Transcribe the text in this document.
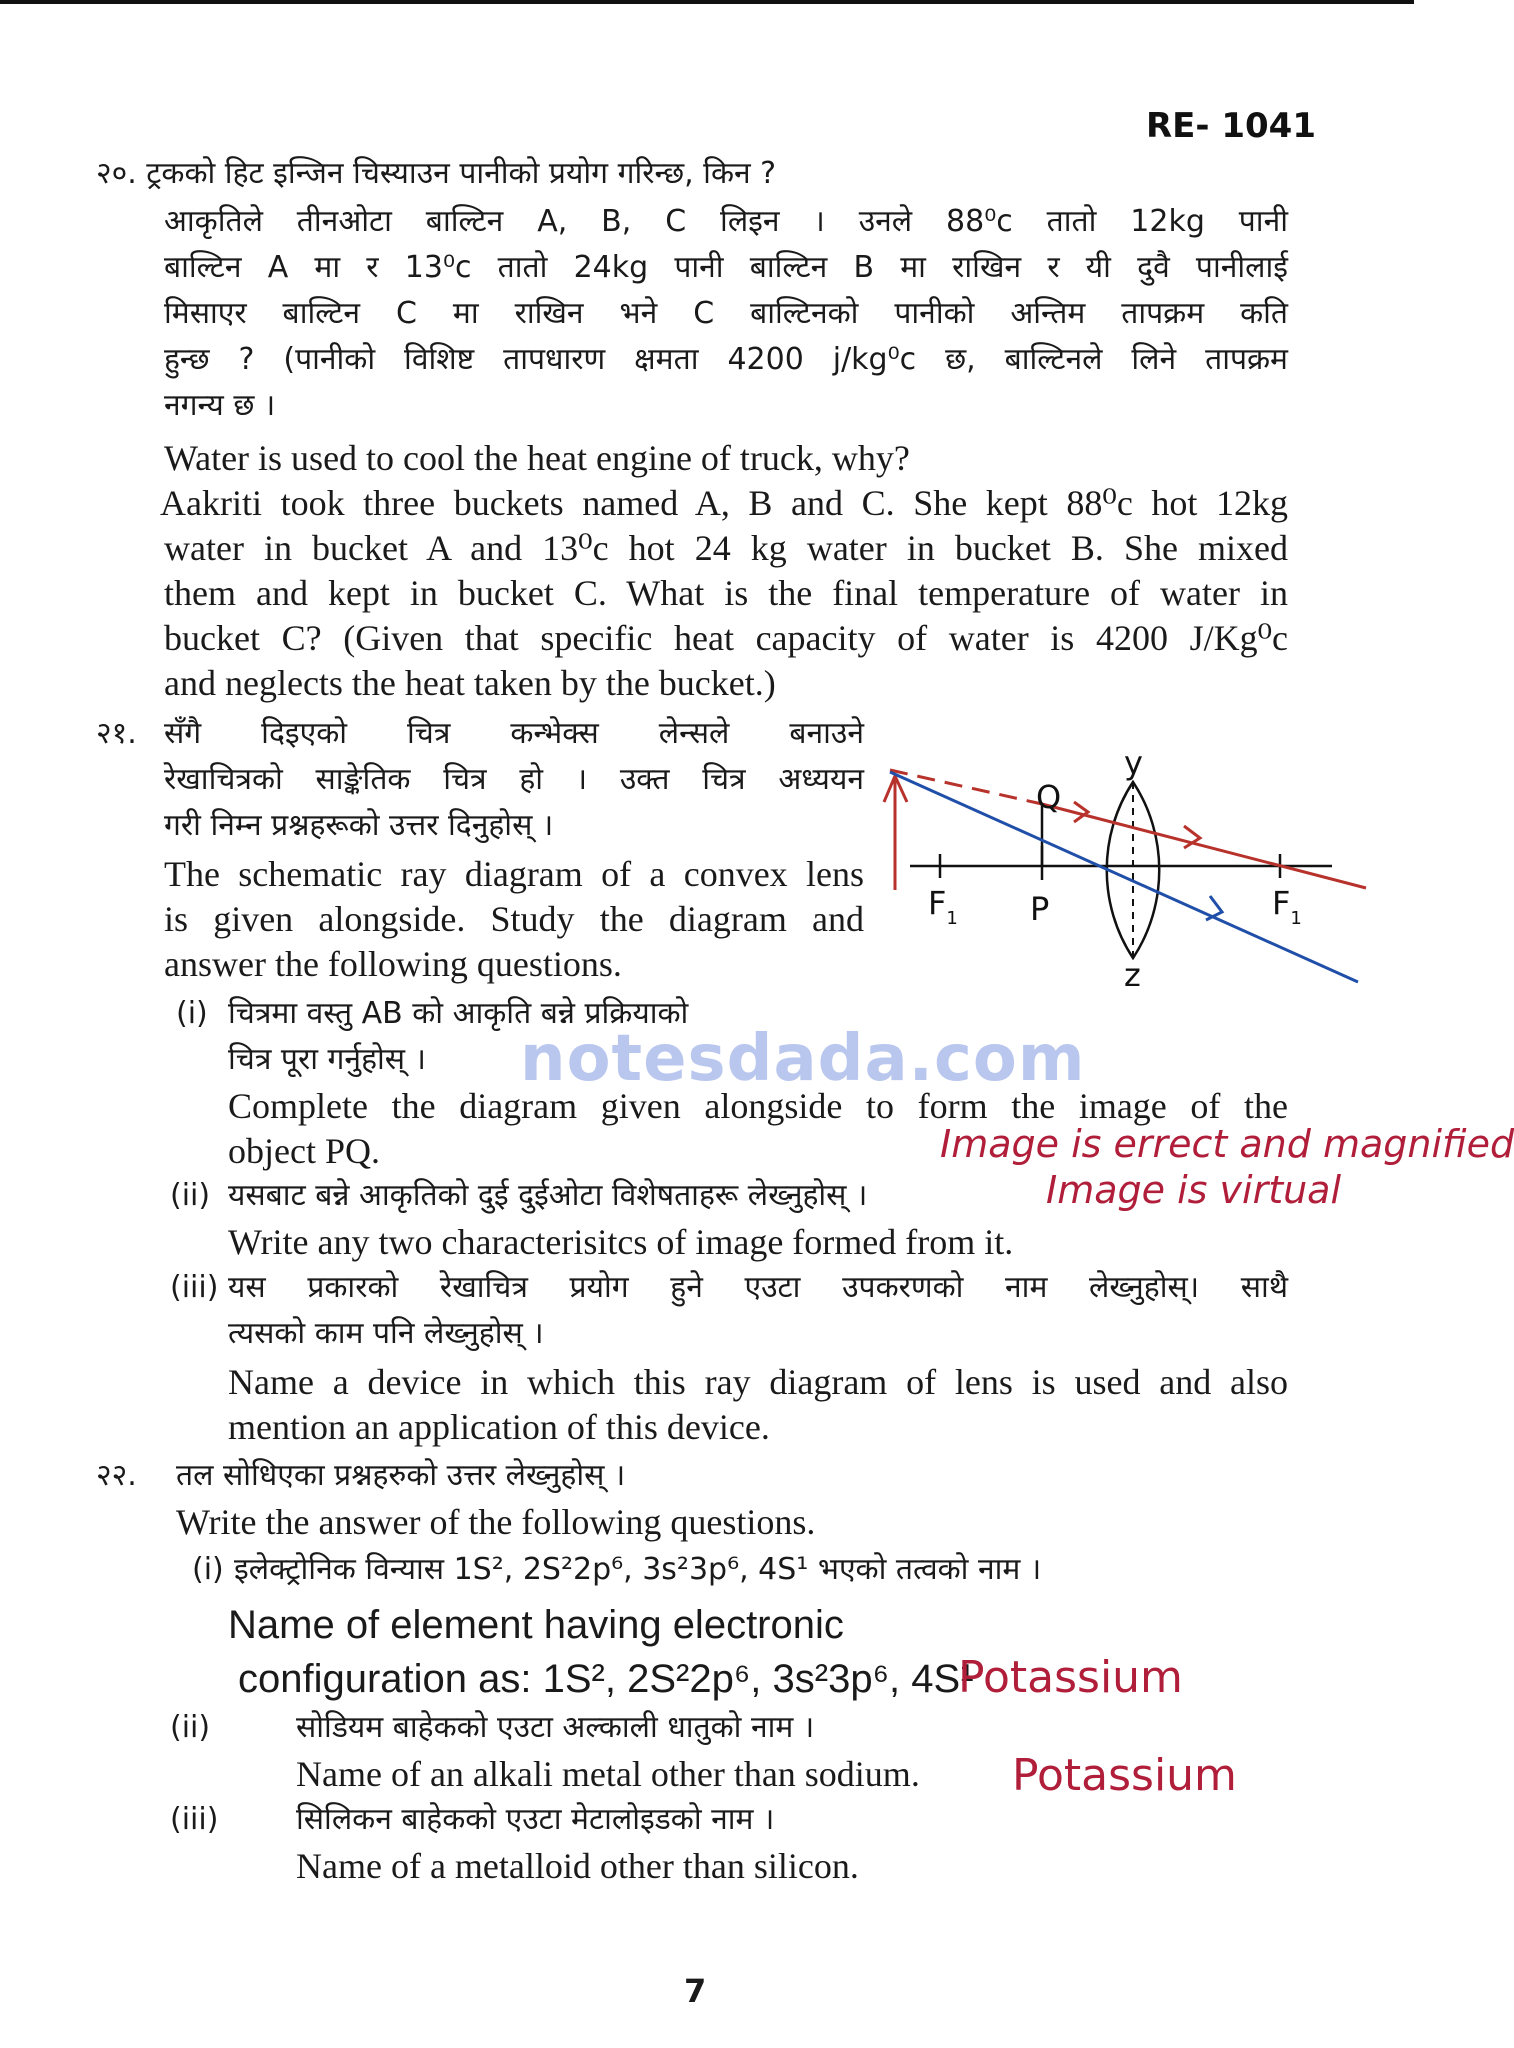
RE- 1041
२०. ट्रकको हिट इन्जिन चिस्याउन पानीको प्रयोग गरिन्छ, किन ?
आकृतिले तीनओटा बाल्टिन A, B, C लिइन । उनले 88⁰c तातो 12kg पानी
बाल्टिन A मा र 13⁰c तातो 24kg पानी बाल्टिन B मा राखिन र यी दुवै पानीलाई
मिसाएर बाल्टिन C मा राखिन भने C बाल्टिनको पानीको अन्तिम तापक्रम कति
हुन्छ ? (पानीको विशिष्ट तापधारण क्षमता 4200 j/kg⁰c छ, बाल्टिनले लिने तापक्रम
नगन्य छ ।
Water is used to cool the heat engine of truck, why?
Aakriti took three buckets named A, B and C. She kept 88⁰c hot 12kg
water in bucket A and 13⁰c hot 24 kg water in bucket B. She mixed
them and kept in bucket C. What is the final temperature of water in
bucket C? (Given that specific heat capacity of water is 4200 J/Kg⁰c
and neglects the heat taken by the bucket.)
२१. सँगै दिइएको चित्र कन्भेक्स लेन्सले बनाउने
रेखाचित्रको साङ्केतिक चित्र हो । उक्त चित्र अध्ययन
गरी निम्न प्रश्नहरूको उत्तर दिनुहोस् ।
The schematic ray diagram of a convex lens
is given alongside. Study the diagram and
answer the following questions.
$F_1$ P	$F_1$
Q
y
z
(i) चित्रमा वस्तु AB को आकृति बन्ने प्रक्रियाको
चित्र पूरा गर्नुहोस् । notesdada.com
Complete the diagram given alongside to form the image of the
object PQ.	Image is errect and magnified
(ii) यसबाट बन्ने आकृतिको दुई दुईओटा विशेषताहरू लेख्नुहोस् ।	Image is virtual
Write any two characterisitcs of image formed from it.
(iii) यस प्रकारको रेखाचित्र प्रयोग हुने एउटा उपकरणको नाम लेख्नुहोस्। साथै
त्यसको काम पनि लेख्नुहोस् ।
Name a device in which this ray diagram of lens is used and also
mention an application of this device.
२२. तल सोधिएका प्रश्नहरुको उत्तर लेख्नुहोस् ।
Write the answer of the following questions.
(i) इलेक्ट्रोनिक विन्यास 1S², 2S²2p⁶, 3s²3p⁶, 4S¹ भएको तत्वको नाम ।
Name of element having electronic
configuration as: 1S², 2S²2p⁶, 3s²3p⁶, 4S¹
Potassium
(ii)	सोडियम बाहेकको एउटा अल्काली धातुको नाम ।
Name of an alkali metal other than sodium. Potassium
(iii)	सिलिकन बाहेकको एउटा मेटालोइडको नाम ।
Name of a metalloid other than silicon.
7
